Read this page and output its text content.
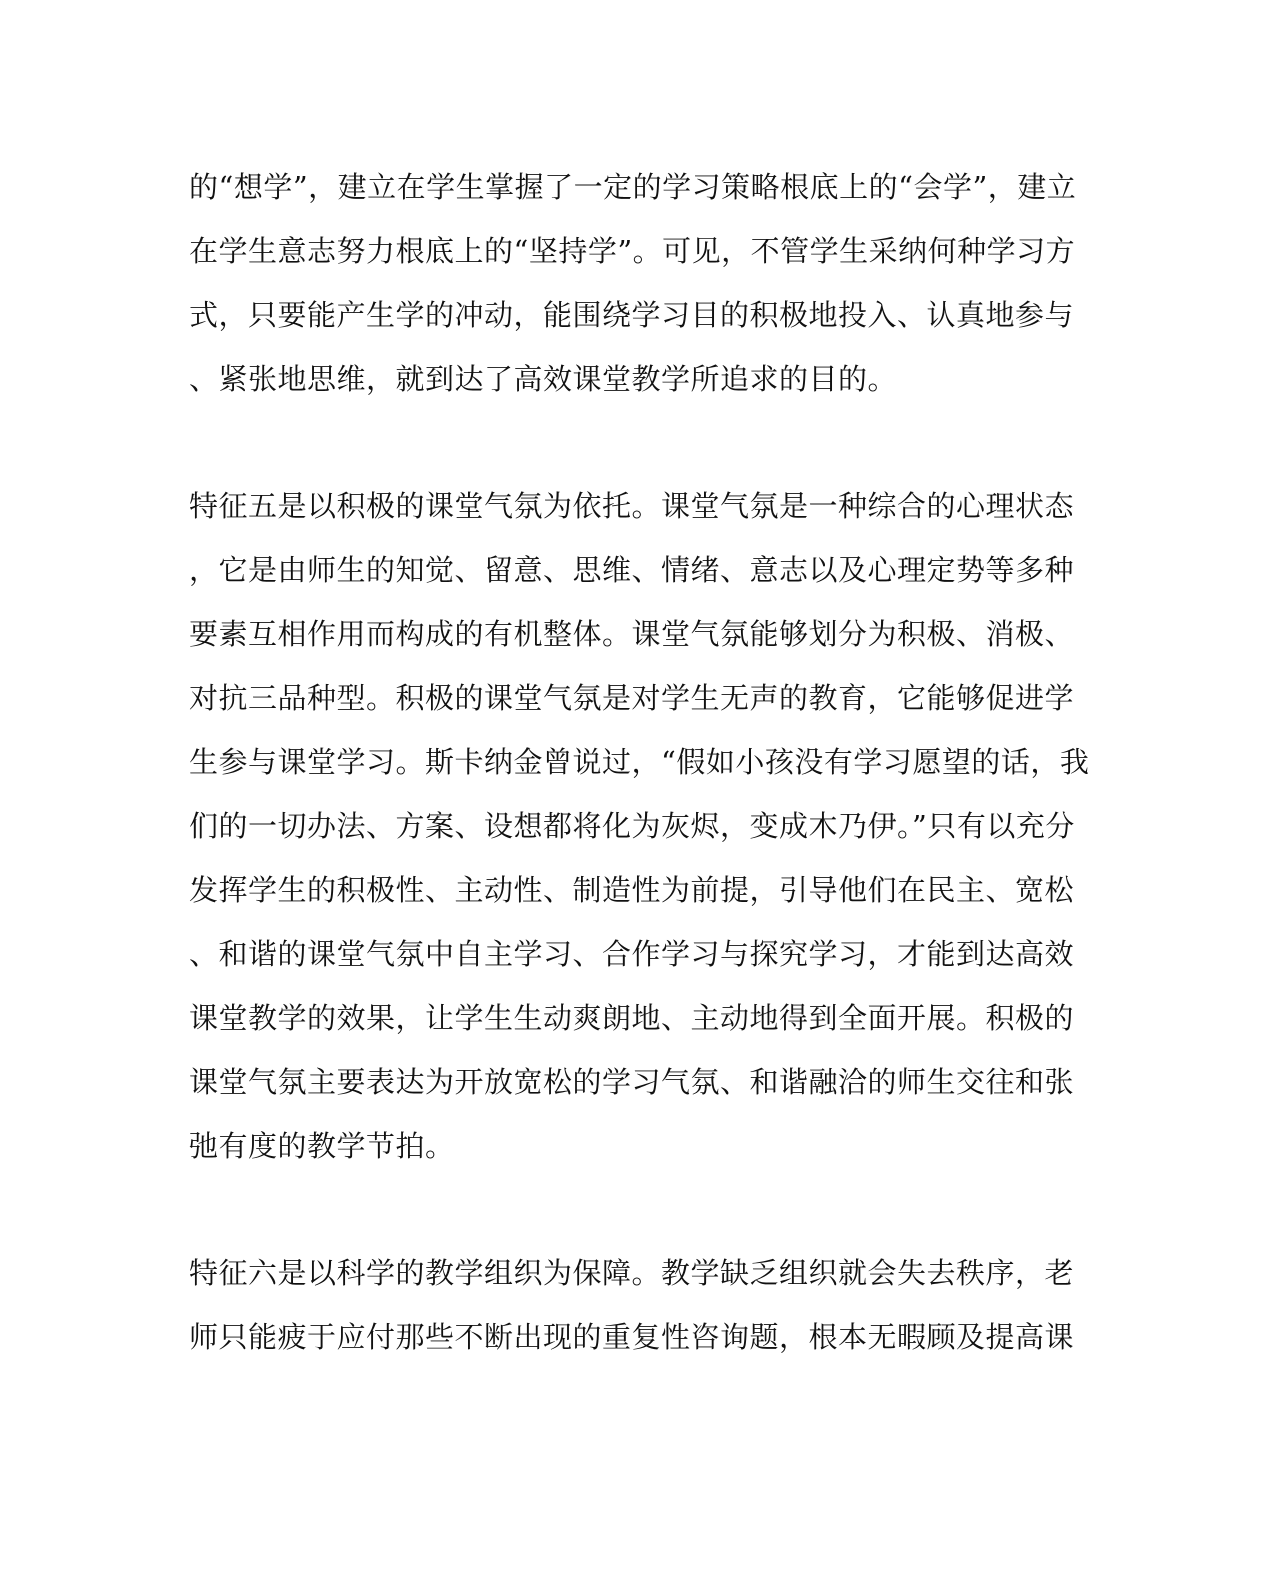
的“想学”，建立在学生掌握了一定的学习策略根底上的“会学”，建立
在学生意志努力根底上的“坚持学”。可见，不管学生采纳何种学习方
式，只要能产生学的冲动，能围绕学习目的积极地投入、认真地参与
、紧张地思维，就到达了高效课堂教学所追求的目的。
特征五是以积极的课堂气氛为依托。课堂气氛是一种综合的心理状态
，它是由师生的知觉、留意、思维、情绪、意志以及心理定势等多种
要素互相作用而构成的有机整体。课堂气氛能够划分为积极、消极、
对抗三品种型。积极的课堂气氛是对学生无声的教育，它能够促进学
生参与课堂学习。斯卡纳金曾说过，“假如小孩没有学习愿望的话，我
们的一切办法、方案、设想都将化为灰烬，变成木乃伊。”只有以充分
发挥学生的积极性、主动性、制造性为前提，引导他们在民主、宽松
、和谐的课堂气氛中自主学习、合作学习与探究学习，才能到达高效
课堂教学的效果，让学生生动爽朗地、主动地得到全面开展。积极的
课堂气氛主要表达为开放宽松的学习气氛、和谐融洽的师生交往和张
弛有度的教学节拍。
特征六是以科学的教学组织为保障。教学缺乏组织就会失去秩序，老
师只能疲于应付那些不断出现的重复性咨询题，根本无暇顾及提高课
